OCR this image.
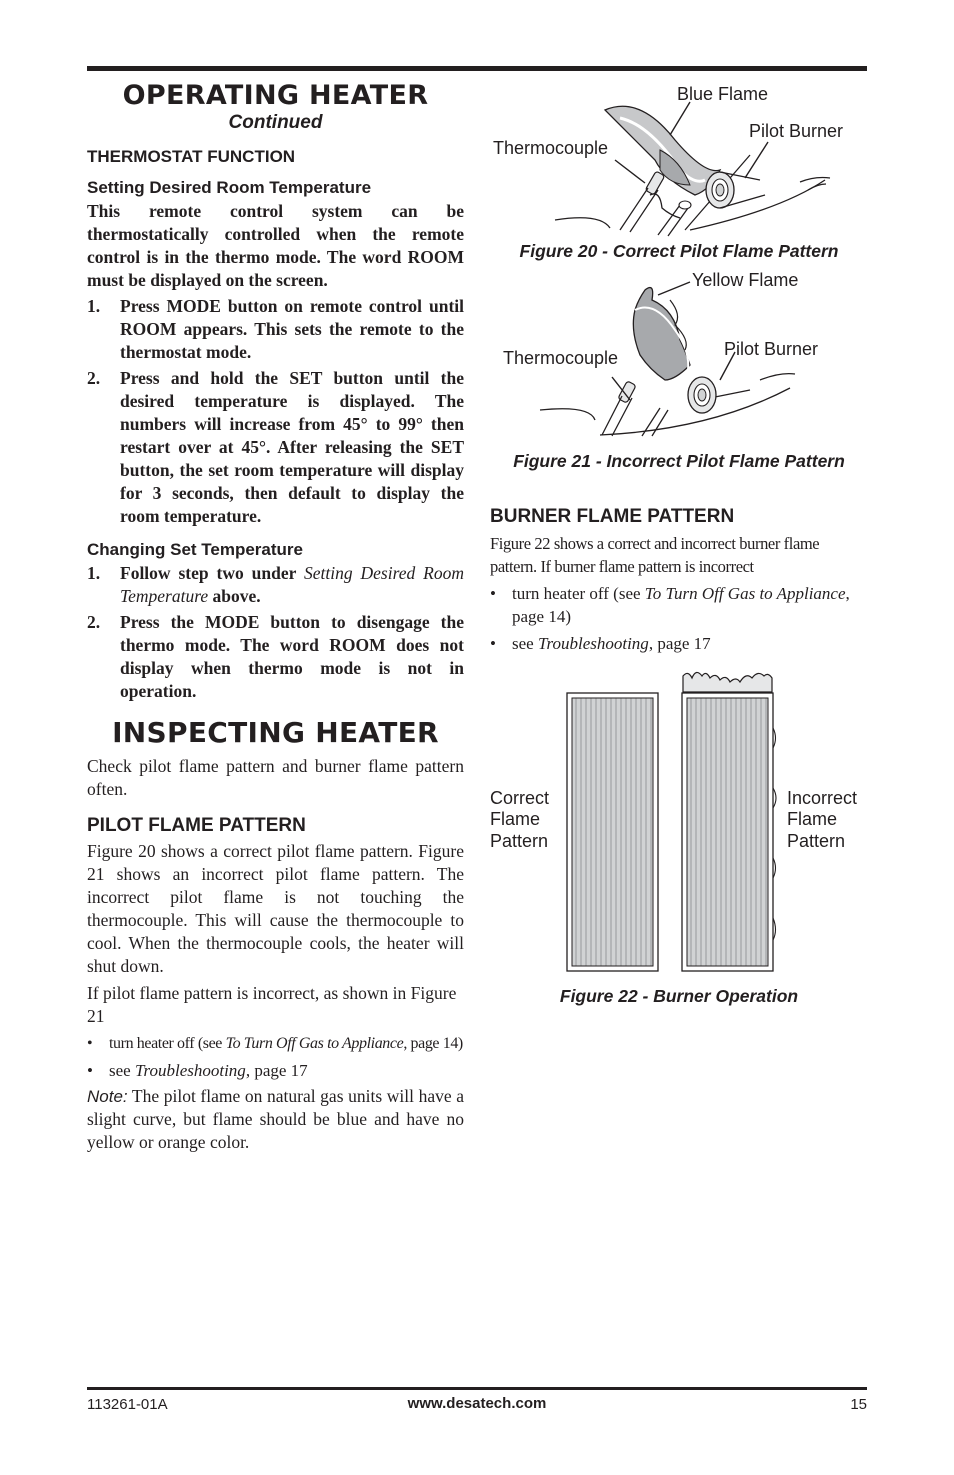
OPERATING HEATER

Continued

THERMOSTAT FUNCTION

Setting Desired Room Temperature

This remote control system can be thermostatically controlled when the remote control is in the thermo mode. The word ROOM must be displayed on the screen.

1. Press MODE button on remote control until ROOM appears. This sets the remote to the thermostat mode.
2. Press and hold the SET button until the desired temperature is displayed. The numbers will increase from 45° to 99° then restart over at 45°. After releasing the SET button, the set room temperature will display for 3 seconds, then default to display the room temperature.

Changing Set Temperature

1. Follow step two under Setting Desired Room Temperature above.
2. Press the MODE button to disengage the thermo mode. The word ROOM does not display when thermo mode is not in operation.
INSPECTING HEATER

Check pilot flame pattern and burner flame pattern often.

PILOT FLAME PATTERN

Figure 20 shows a correct pilot flame pattern. Figure 21 shows an incorrect pilot flame pattern. The incorrect pilot flame is not touching the thermocouple. This will cause the thermocouple to cool. When the thermocouple cools, the heater will shut down.

If pilot flame pattern is incorrect, as shown in Figure 21

• turn heater off (see To Turn Off Gas to Appliance, page 14)
• see Troubleshooting, page 17

Note: The pilot flame on natural gas units will have a slight curve, but flame should be blue and have no yellow or orange color.

Blue Flame
Pilot Burner
Thermocouple
Figure 20 - Correct Pilot Flame Pattern
Yellow Flame
Pilot Burner
Thermocouple
Figure 21 - Incorrect Pilot Flame Pattern

BURNER FLAME PATTERN

Figure 22 shows a correct and incorrect burner flame pattern. If burner flame pattern is incorrect

• turn heater off (see To Turn Off Gas to Appliance, page 14)
• see Troubleshooting, page 17
Correct
Flame
Pattern
Incorrect
Flame
Pattern
Figure 22 - Burner Operation
113261-01A	www.desatech.com	15
